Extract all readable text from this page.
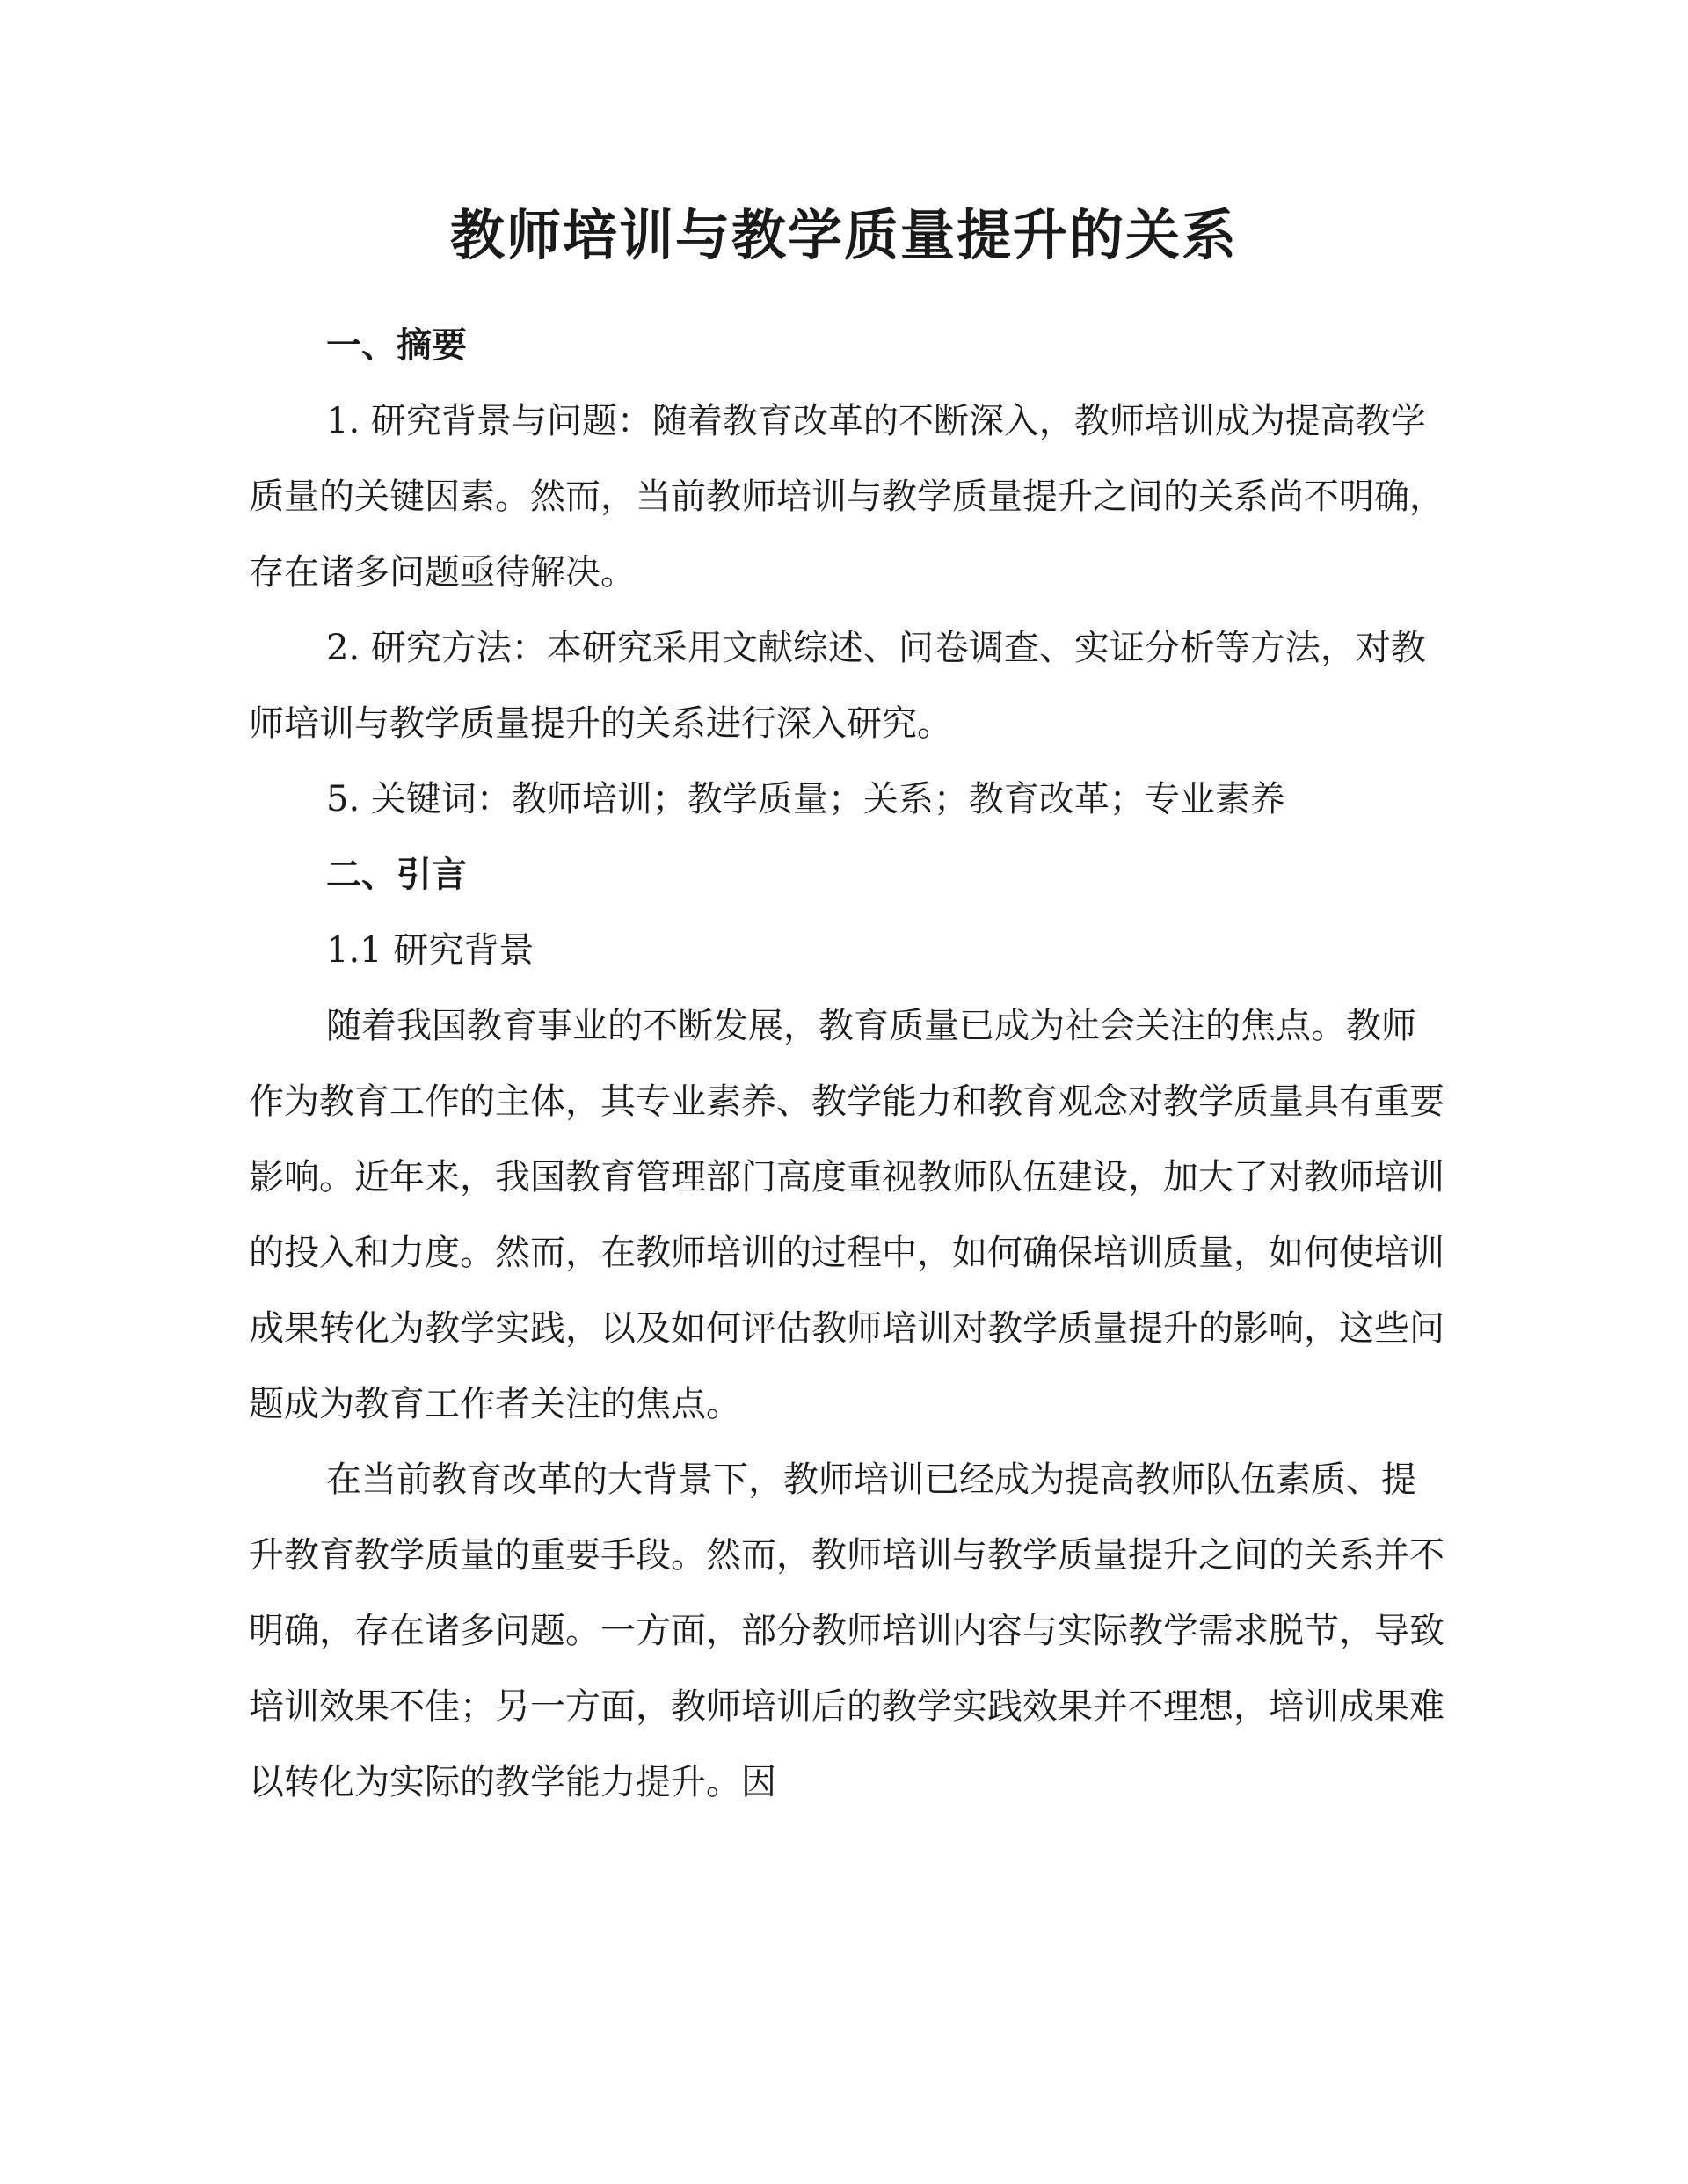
教师培训与教学质量提升的关系

一、摘要

1. 研究背景与问题：随着教育改革的不断深入，教师培训成为提高教学质量的关键因素。然而，当前教师培训与教学质量提升之间的关系尚不明确，存在诸多问题亟待解决。

2. 研究方法：本研究采用文献综述、问卷调查、实证分析等方法，对教师培训与教学质量提升的关系进行深入研究。

5. 关键词：教师培训；教学质量；关系；教育改革；专业素养

二、引言

1.1 研究背景

随着我国教育事业的不断发展，教育质量已成为社会关注的焦点。教师作为教育工作的主体，其专业素养、教学能力和教育观念对教学质量具有重要影响。近年来，我国教育管理部门高度重视教师队伍建设，加大了对教师培训的投入和力度。然而，在教师培训的过程中，如何确保培训质量，如何使培训成果转化为教学实践，以及如何评估教师培训对教学质量提升的影响，这些问题成为教育工作者关注的焦点。

在当前教育改革的大背景下，教师培训已经成为提高教师队伍素质、提升教育教学质量的重要手段。然而，教师培训与教学质量提升之间的关系并不明确，存在诸多问题。一方面，部分教师培训内容与实际教学需求脱节，导致培训效果不佳；另一方面，教师培训后的教学实践效果并不理想，培训成果难以转化为实际的教学能力提升。因
